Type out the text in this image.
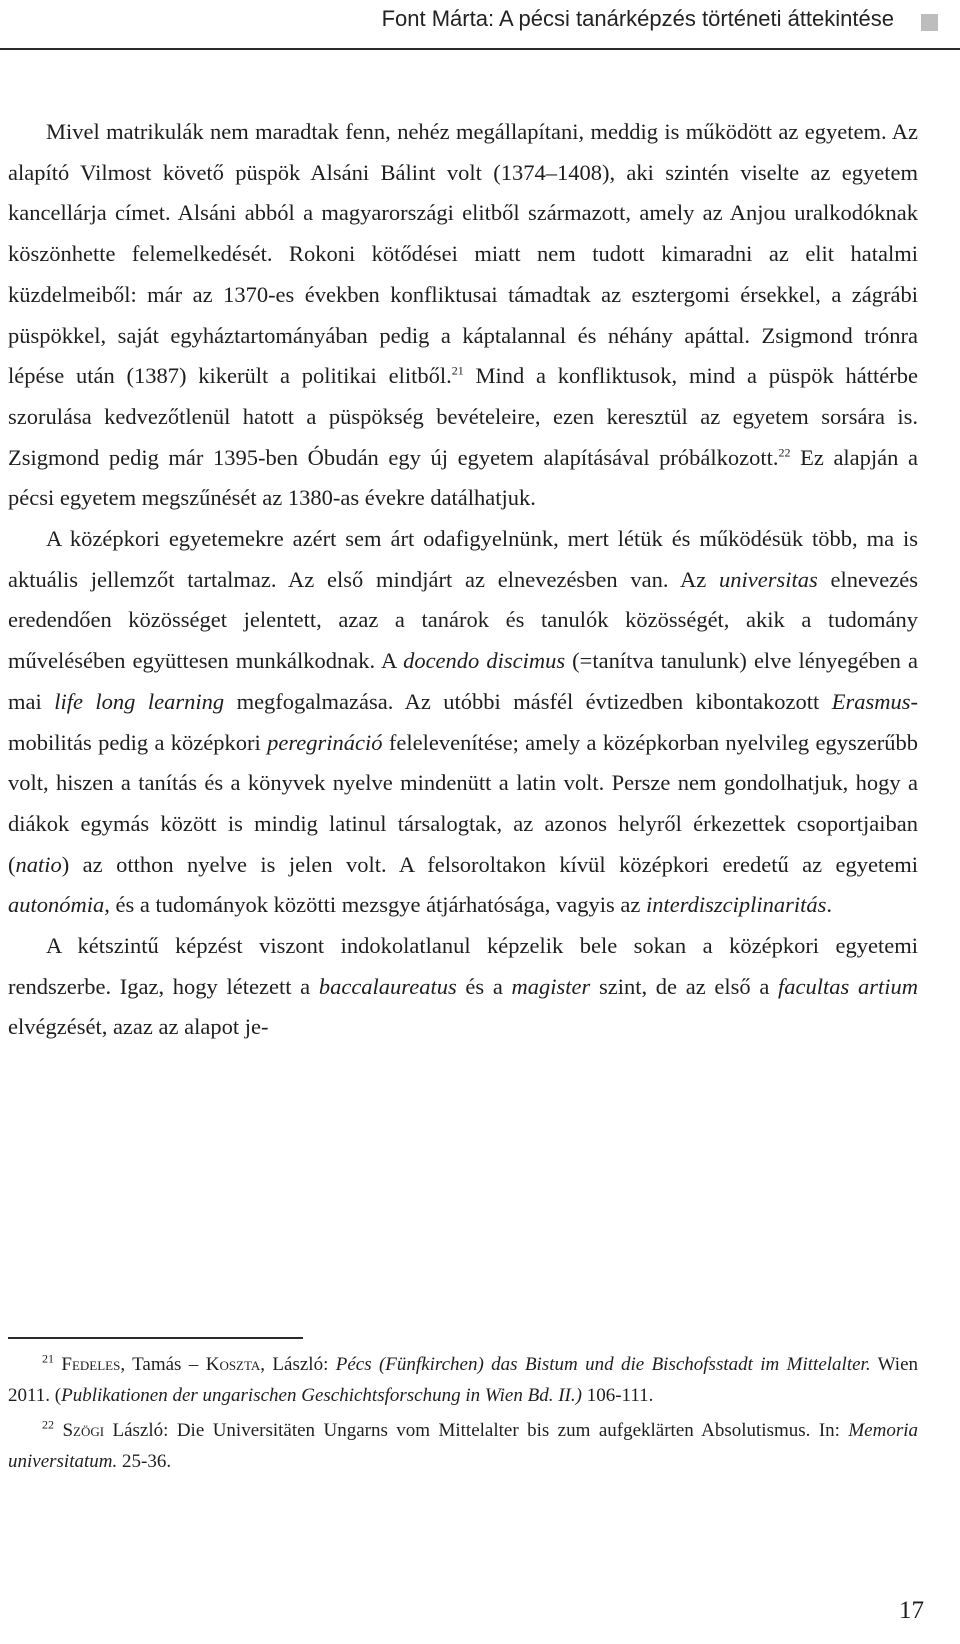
Font Márta: A pécsi tanárképzés történeti áttekintése

Mivel matrikulák nem maradtak fenn, nehéz megállapítani, meddig is működött az egyetem. Az alapító Vilmost követő püspök Alsáni Bálint volt (1374–1408), aki szintén viselte az egyetem kancellárja címet. Alsáni abból a magyarországi elitből származott, amely az Anjou uralkodóknak köszönhette felemelkedését. Rokoni kötődései miatt nem tudott kimaradni az elit hatalmi küzdelmeiből: már az 1370-es években konfliktusai támadtak az esztergomi érsekkel, a zágrábi püspökkel, saját egyháztartományában pedig a káptalannal és néhány apáttal. Zsigmond trónra lépése után (1387) kikerült a politikai elitből.$^{21}$ Mind a konfliktusok, mind a püspök háttérbe szorulása kedvezőtlenül hatott a püspökség bevételeire, ezen keresztül az egyetem sorsára is. Zsigmond pedig már 1395-ben Óbudán egy új egyetem alapításával próbálkozott.$^{22}$ Ez alapján a pécsi egyetem megszűnését az 1380-as évekre datálhatjuk.

A középkori egyetemekre azért sem árt odafigyelnünk, mert létük és működésük több, ma is aktuális jellemzőt tartalmaz. Az első mindjárt az elnevezésben van. Az universitas elnevezés eredendően közösséget jelentett, azaz a tanárok és tanulók közösségét, akik a tudomány művelésében együttesen munkálkodnak. A docendo discimus (=tanítva tanulunk) elve lényegében a mai life long learning megfogalmazása. Az utóbbi másfél évtizedben kibontakozott Erasmus-mobilitás pedig a középkori peregrináció felelevenítése; amely a középkorban nyelvileg egyszerűbb volt, hiszen a tanítás és a könyvek nyelve mindenütt a latin volt. Persze nem gondolhatjuk, hogy a diákok egymás között is mindig latinul társalogtak, az azonos helyről érkezettek csoportjaiban (natio) az otthon nyelve is jelen volt. A felsoroltakon kívül középkori eredetű az egyetemi autonómia, és a tudományok közötti mezsgye átjárhatósága, vagyis az interdiszciplinaritás.

A kétszintű képzést viszont indokolatlanul képzelik bele sokan a középkori egyetemi rendszerbe. Igaz, hogy létezett a baccalaureatus és a magister szint, de az első a facultas artium elvégzését, azaz az alapot je-

$^{21}$ Fedeles, Tamás – Koszta, László: Pécs (Fünfkirchen) das Bistum und die Bischofsstadt im Mittelalter. Wien 2011. (Publikationen der ungarischen Geschichtsforschung in Wien Bd. II.) 106-111.

$^{22}$ Szögi László: Die Universitäten Ungarns vom Mittelalter bis zum aufgeklärten Absolutismus. In: Memoria universitatum. 25-36.

17
